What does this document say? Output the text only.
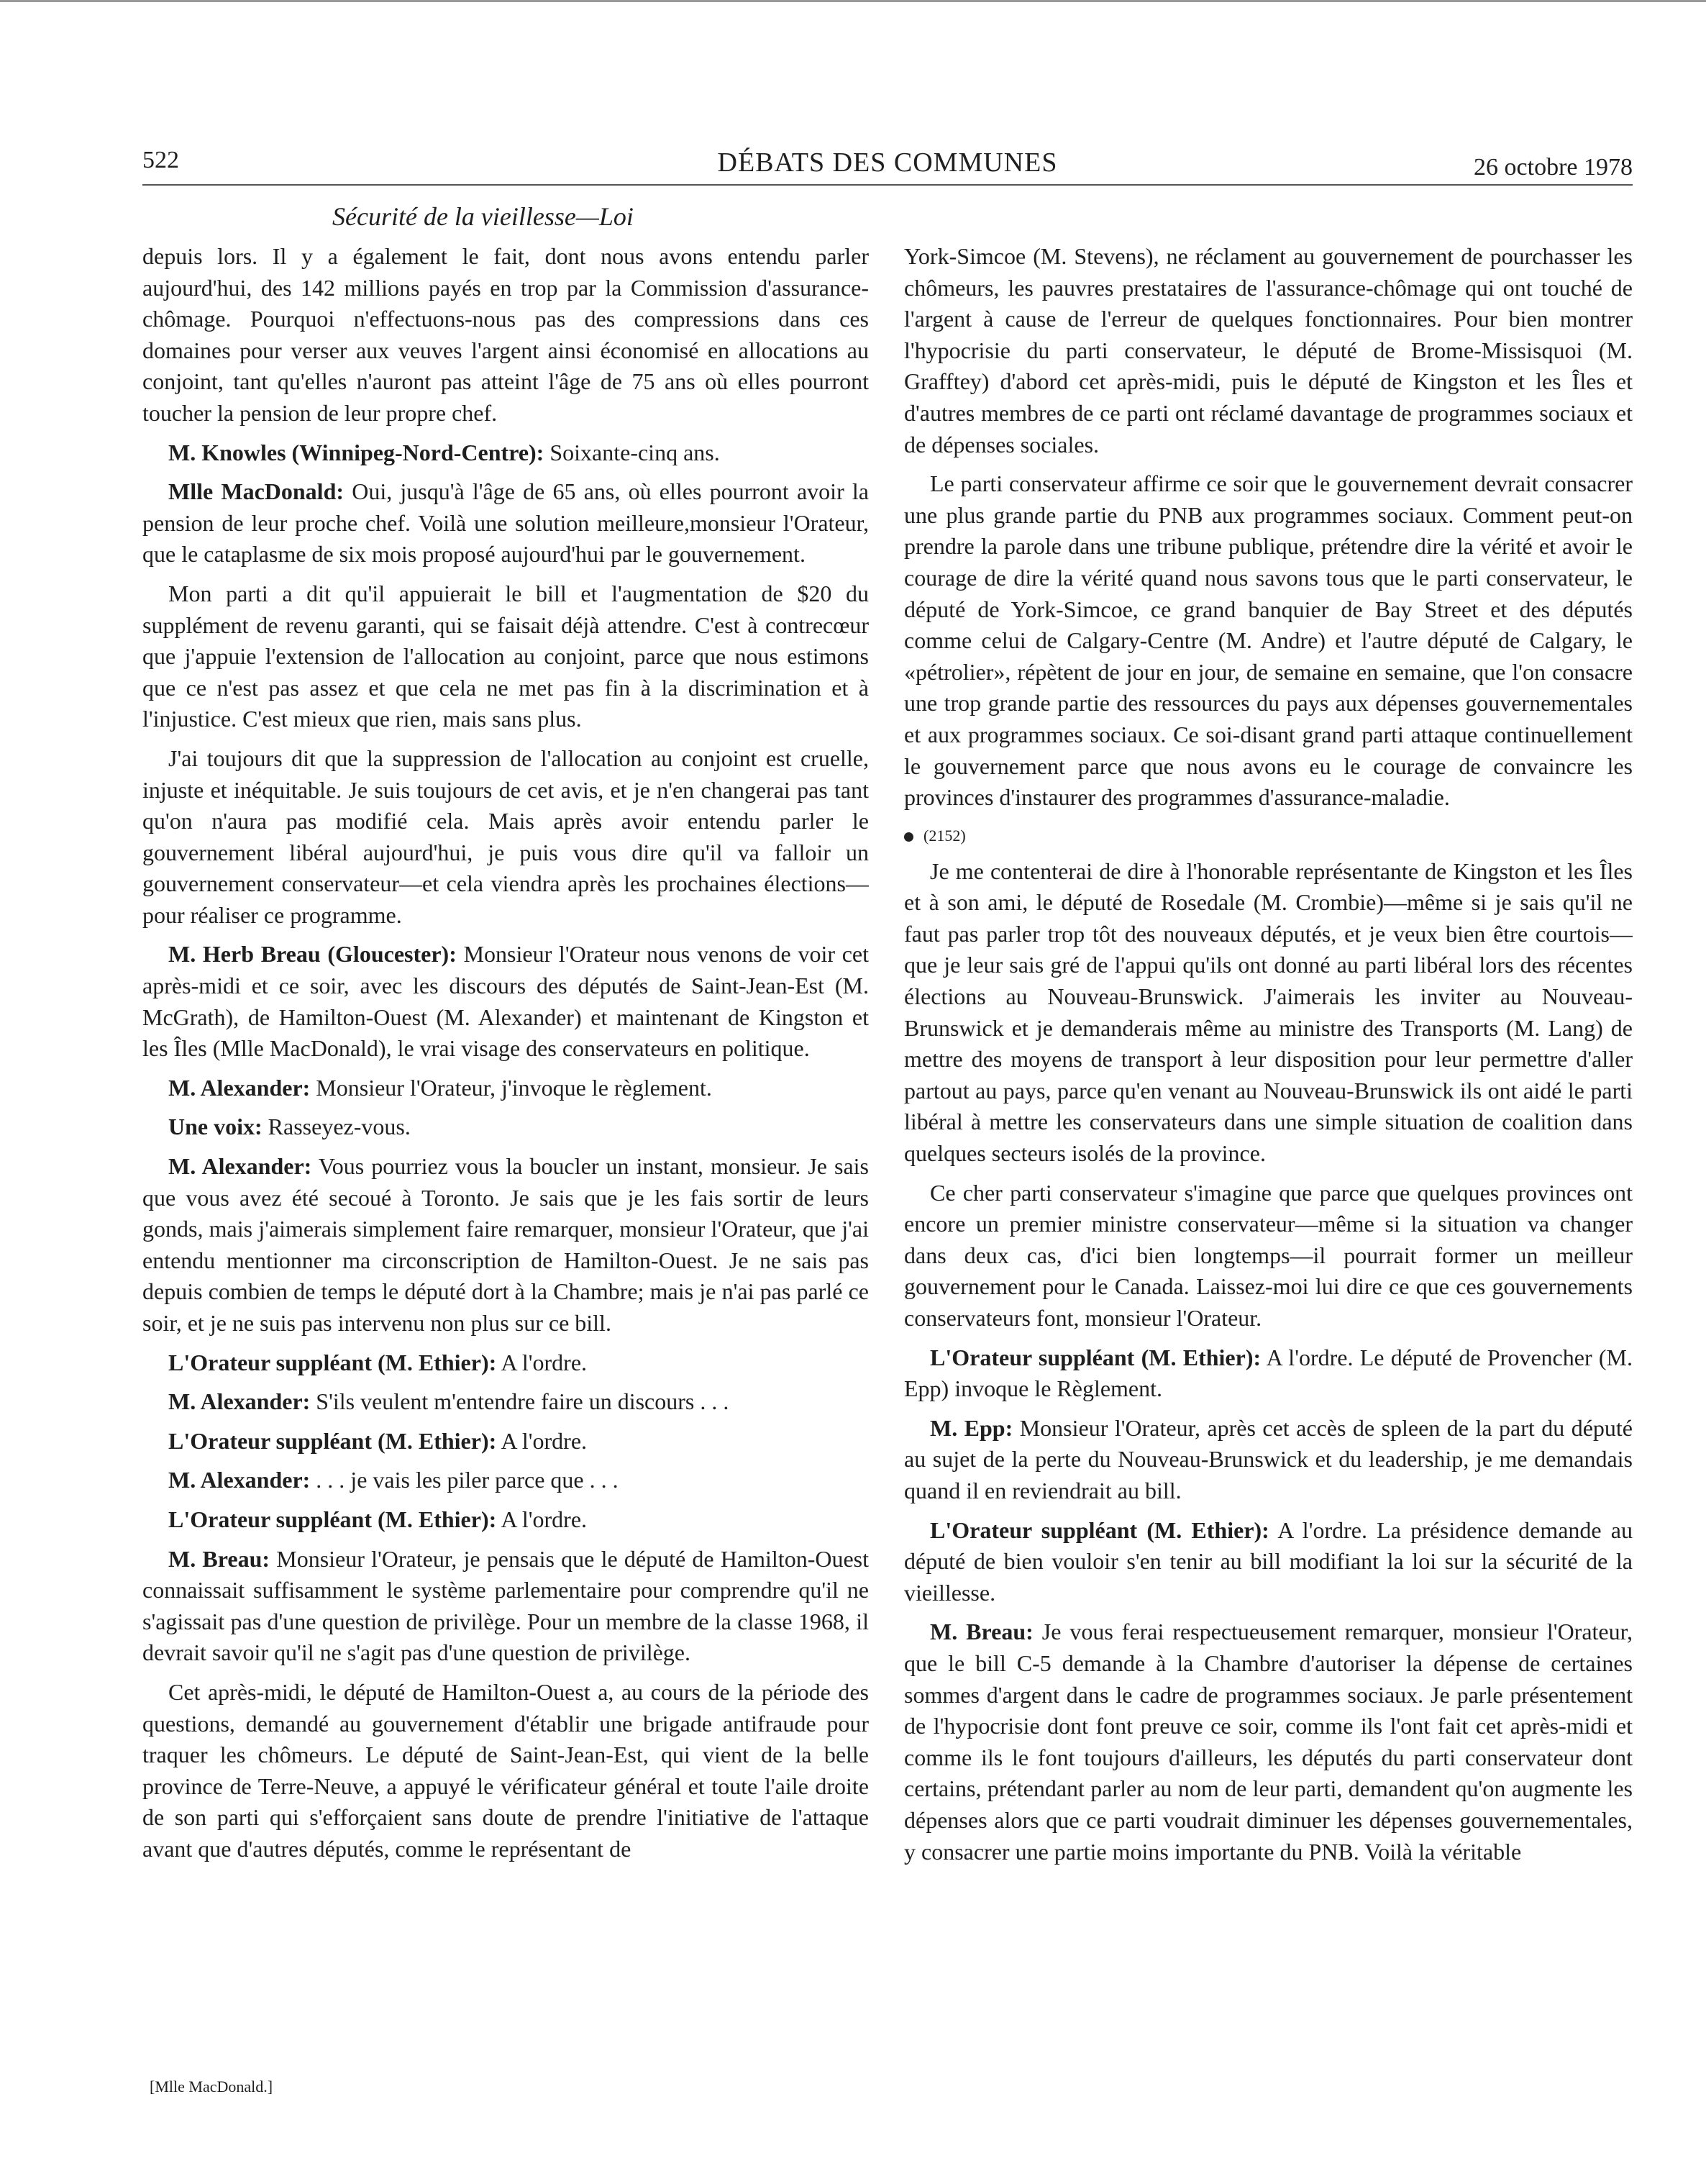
522	DÉBATS DES COMMUNES	26 octobre 1978
Sécurité de la vieillesse—Loi

depuis lors. Il y a également le fait, dont nous avons entendu parler aujourd'hui, des 142 millions payés en trop par la Commission d'assurance-chômage. Pourquoi n'effectuons-nous pas des compressions dans ces domaines pour verser aux veuves l'argent ainsi économisé en allocations au conjoint, tant qu'elles n'auront pas atteint l'âge de 75 ans où elles pourront toucher la pension de leur propre chef.

M. Knowles (Winnipeg-Nord-Centre): Soixante-cinq ans.

Mlle MacDonald: Oui, jusqu'à l'âge de 65 ans, où elles pourront avoir la pension de leur proche chef. Voilà une solution meilleure,monsieur l'Orateur, que le cataplasme de six mois proposé aujourd'hui par le gouvernement.

Mon parti a dit qu'il appuierait le bill et l'augmentation de $20 du supplément de revenu garanti, qui se faisait déjà attendre. C'est à contrecœur que j'appuie l'extension de l'allocation au conjoint, parce que nous estimons que ce n'est pas assez et que cela ne met pas fin à la discrimination et à l'injustice. C'est mieux que rien, mais sans plus.

J'ai toujours dit que la suppression de l'allocation au conjoint est cruelle, injuste et inéquitable. Je suis toujours de cet avis, et je n'en changerai pas tant qu'on n'aura pas modifié cela. Mais après avoir entendu parler le gouvernement libéral aujourd'hui, je puis vous dire qu'il va falloir un gouvernement conservateur—et cela viendra après les prochaines élections—pour réaliser ce programme.

M. Herb Breau (Gloucester): Monsieur l'Orateur nous venons de voir cet après-midi et ce soir, avec les discours des députés de Saint-Jean-Est (M. McGrath), de Hamilton-Ouest (M. Alexander) et maintenant de Kingston et les Îles (Mlle MacDonald), le vrai visage des conservateurs en politique.

M. Alexander: Monsieur l'Orateur, j'invoque le règlement.

Une voix: Rasseyez-vous.

M. Alexander: Vous pourriez vous la boucler un instant, monsieur. Je sais que vous avez été secoué à Toronto. Je sais que je les fais sortir de leurs gonds, mais j'aimerais simplement faire remarquer, monsieur l'Orateur, que j'ai entendu mentionner ma circonscription de Hamilton-Ouest. Je ne sais pas depuis combien de temps le député dort à la Chambre; mais je n'ai pas parlé ce soir, et je ne suis pas intervenu non plus sur ce bill.

L'Orateur suppléant (M. Ethier): A l'ordre.

M. Alexander: S'ils veulent m'entendre faire un discours . . .

L'Orateur suppléant (M. Ethier): A l'ordre.

M. Alexander: . . . je vais les piler parce que . . .

L'Orateur suppléant (M. Ethier): A l'ordre.

M. Breau: Monsieur l'Orateur, je pensais que le député de Hamilton-Ouest connaissait suffisamment le système parlementaire pour comprendre qu'il ne s'agissait pas d'une question de privilège. Pour un membre de la classe 1968, il devrait savoir qu'il ne s'agit pas d'une question de privilège.

Cet après-midi, le député de Hamilton-Ouest a, au cours de la période des questions, demandé au gouvernement d'établir une brigade antifraude pour traquer les chômeurs. Le député de Saint-Jean-Est, qui vient de la belle province de Terre-Neuve, a appuyé le vérificateur général et toute l'aile droite de son parti qui s'efforçaient sans doute de prendre l'initiative de l'attaque avant que d'autres députés, comme le représentant de

York-Simcoe (M. Stevens), ne réclament au gouvernement de pourchasser les chômeurs, les pauvres prestataires de l'assurance-chômage qui ont touché de l'argent à cause de l'erreur de quelques fonctionnaires. Pour bien montrer l'hypocrisie du parti conservateur, le député de Brome-Missisquoi (M. Grafftey) d'abord cet après-midi, puis le député de Kingston et les Îles et d'autres membres de ce parti ont réclamé davantage de programmes sociaux et de dépenses sociales.

Le parti conservateur affirme ce soir que le gouvernement devrait consacrer une plus grande partie du PNB aux programmes sociaux. Comment peut-on prendre la parole dans une tribune publique, prétendre dire la vérité et avoir le courage de dire la vérité quand nous savons tous que le parti conservateur, le député de York-Simcoe, ce grand banquier de Bay Street et des députés comme celui de Calgary-Centre (M. Andre) et l'autre député de Calgary, le «pétrolier», répètent de jour en jour, de semaine en semaine, que l'on consacre une trop grande partie des ressources du pays aux dépenses gouvernementales et aux programmes sociaux. Ce soi-disant grand parti attaque continuellement le gouvernement parce que nous avons eu le courage de convaincre les provinces d'instaurer des programmes d'assurance-maladie.

(2152)

Je me contenterai de dire à l'honorable représentante de Kingston et les Îles et à son ami, le député de Rosedale (M. Crombie)—même si je sais qu'il ne faut pas parler trop tôt des nouveaux députés, et je veux bien être courtois—que je leur sais gré de l'appui qu'ils ont donné au parti libéral lors des récentes élections au Nouveau-Brunswick. J'aimerais les inviter au Nouveau-Brunswick et je demanderais même au ministre des Transports (M. Lang) de mettre des moyens de transport à leur disposition pour leur permettre d'aller partout au pays, parce qu'en venant au Nouveau-Brunswick ils ont aidé le parti libéral à mettre les conservateurs dans une simple situation de coalition dans quelques secteurs isolés de la province.

Ce cher parti conservateur s'imagine que parce que quelques provinces ont encore un premier ministre conservateur—même si la situation va changer dans deux cas, d'ici bien longtemps—il pourrait former un meilleur gouvernement pour le Canada. Laissez-moi lui dire ce que ces gouvernements conservateurs font, monsieur l'Orateur.

L'Orateur suppléant (M. Ethier): A l'ordre. Le député de Provencher (M. Epp) invoque le Règlement.

M. Epp: Monsieur l'Orateur, après cet accès de spleen de la part du député au sujet de la perte du Nouveau-Brunswick et du leadership, je me demandais quand il en reviendrait au bill.

L'Orateur suppléant (M. Ethier): A l'ordre. La présidence demande au député de bien vouloir s'en tenir au bill modifiant la loi sur la sécurité de la vieillesse.

M. Breau: Je vous ferai respectueusement remarquer, monsieur l'Orateur, que le bill C-5 demande à la Chambre d'autoriser la dépense de certaines sommes d'argent dans le cadre de programmes sociaux. Je parle présentement de l'hypocrisie dont font preuve ce soir, comme ils l'ont fait cet après-midi et comme ils le font toujours d'ailleurs, les députés du parti conservateur dont certains, prétendant parler au nom de leur parti, demandent qu'on augmente les dépenses alors que ce parti voudrait diminuer les dépenses gouvernementales, y consacrer une partie moins importante du PNB. Voilà la véritable

[Mlle MacDonald.]
